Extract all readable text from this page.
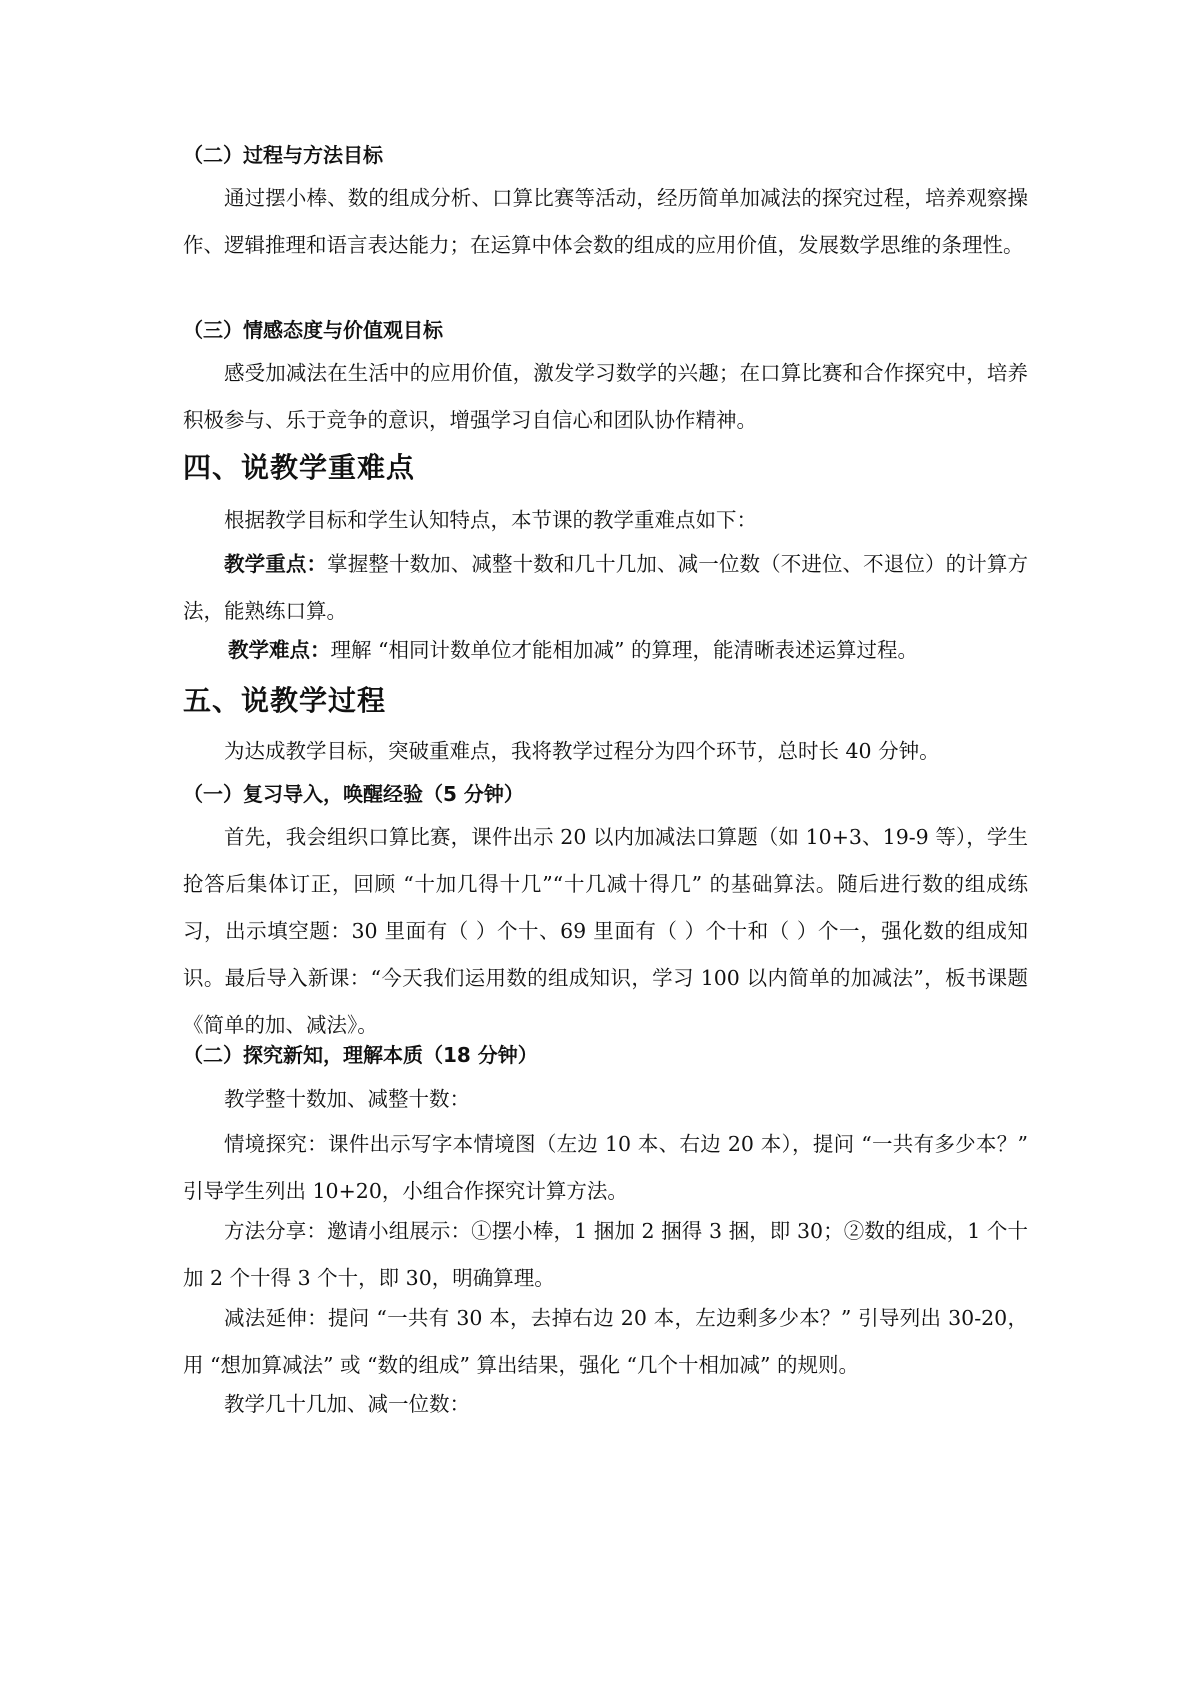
（二）过程与方法目标
通过摆小棒、数的组成分析、口算比赛等活动，经历简单加减法的探究过程，培养观察操作、逻辑推理和语言表达能力；在运算中体会数的组成的应用价值，发展数学思维的条理性。
（三）情感态度与价值观目标
感受加减法在生活中的应用价值，激发学习数学的兴趣；在口算比赛和合作探究中，培养积极参与、乐于竞争的意识，增强学习自信心和团队协作精神。
四、说教学重难点
根据教学目标和学生认知特点，本节课的教学重难点如下：
教学重点：掌握整十数加、减整十数和几十几加、减一位数（不进位、不退位）的计算方法，能熟练口算。
教学难点：理解 “相同计数单位才能相加减” 的算理，能清晰表述运算过程。
五、说教学过程
为达成教学目标，突破重难点，我将教学过程分为四个环节，总时长 40 分钟。
（一）复习导入，唤醒经验（5 分钟）
首先，我会组织口算比赛，课件出示 20 以内加减法口算题（如 10+3、19-9 等），学生抢答后集体订正，回顾 “十加几得十几”“十几减十得几” 的基础算法。随后进行数的组成练习，出示填空题：30 里面有（ ）个十、69 里面有（ ）个十和（ ）个一，强化数的组成知识。最后导入新课：“今天我们运用数的组成知识，学习 100 以内简单的加减法”，板书课题《简单的加、减法》。
（二）探究新知，理解本质（18 分钟）
教学整十数加、减整十数：
情境探究：课件出示写字本情境图（左边 10 本、右边 20 本），提问 “一共有多少本？” 引导学生列出 10+20，小组合作探究计算方法。
方法分享：邀请小组展示：①摆小棒，1 捆加 2 捆得 3 捆，即 30；②数的组成，1 个十加 2 个十得 3 个十，即 30，明确算理。
减法延伸：提问 “一共有 30 本，去掉右边 20 本，左边剩多少本？” 引导列出 30-20，用 “想加算减法” 或 “数的组成” 算出结果，强化 “几个十相加减” 的规则。
教学几十几加、减一位数：
